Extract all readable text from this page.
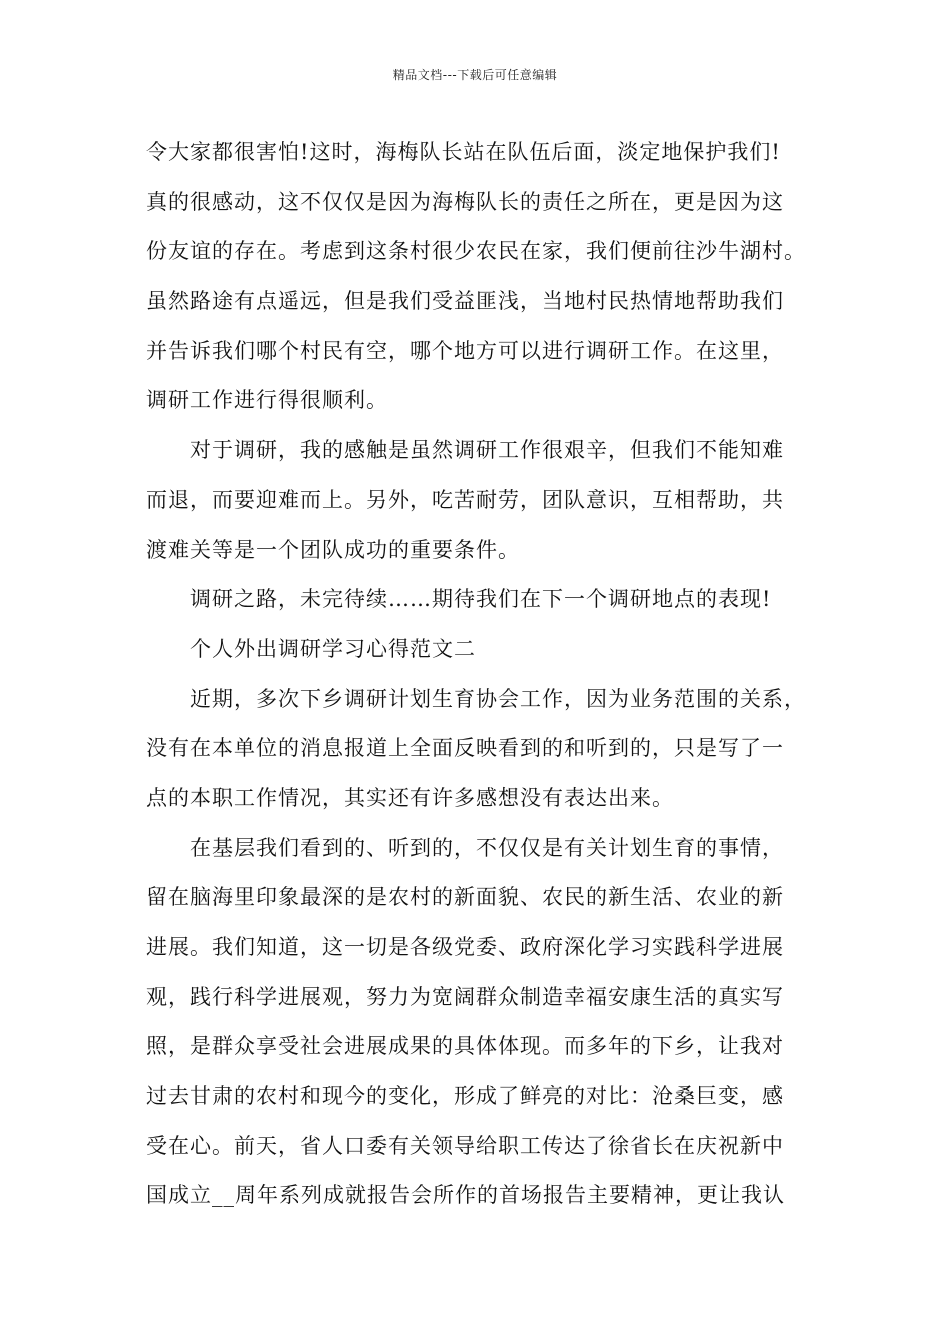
精品文档---下载后可任意编辑
令大家都很害怕!这时，海梅队长站在队伍后面，淡定地保护我们!
真的很感动，这不仅仅是因为海梅队长的责任之所在，更是因为这
份友谊的存在。考虑到这条村很少农民在家，我们便前往沙牛湖村。
虽然路途有点遥远，但是我们受益匪浅，当地村民热情地帮助我们
并告诉我们哪个村民有空，哪个地方可以进行调研工作。在这里，
调研工作进行得很顺利。
对于调研，我的感触是虽然调研工作很艰辛，但我们不能知难
而退，而要迎难而上。另外，吃苦耐劳，团队意识，互相帮助，共
渡难关等是一个团队成功的重要条件。
调研之路，未完待续……期待我们在下一个调研地点的表现!
个人外出调研学习心得范文二
近期，多次下乡调研计划生育协会工作，因为业务范围的关系，
没有在本单位的消息报道上全面反映看到的和听到的，只是写了一
点的本职工作情况，其实还有许多感想没有表达出来。
在基层我们看到的、听到的，不仅仅是有关计划生育的事情，
留在脑海里印象最深的是农村的新面貌、农民的新生活、农业的新
进展。我们知道，这一切是各级党委、政府深化学习实践科学进展
观，践行科学进展观，努力为宽阔群众制造幸福安康生活的真实写
照，是群众享受社会进展成果的具体体现。而多年的下乡，让我对
过去甘肃的农村和现今的变化，形成了鲜亮的对比：沧桑巨变，感
受在心。前天，省人口委有关领导给职工传达了徐省长在庆祝新中
国成立__周年系列成就报告会所作的首场报告主要精神，更让我认
